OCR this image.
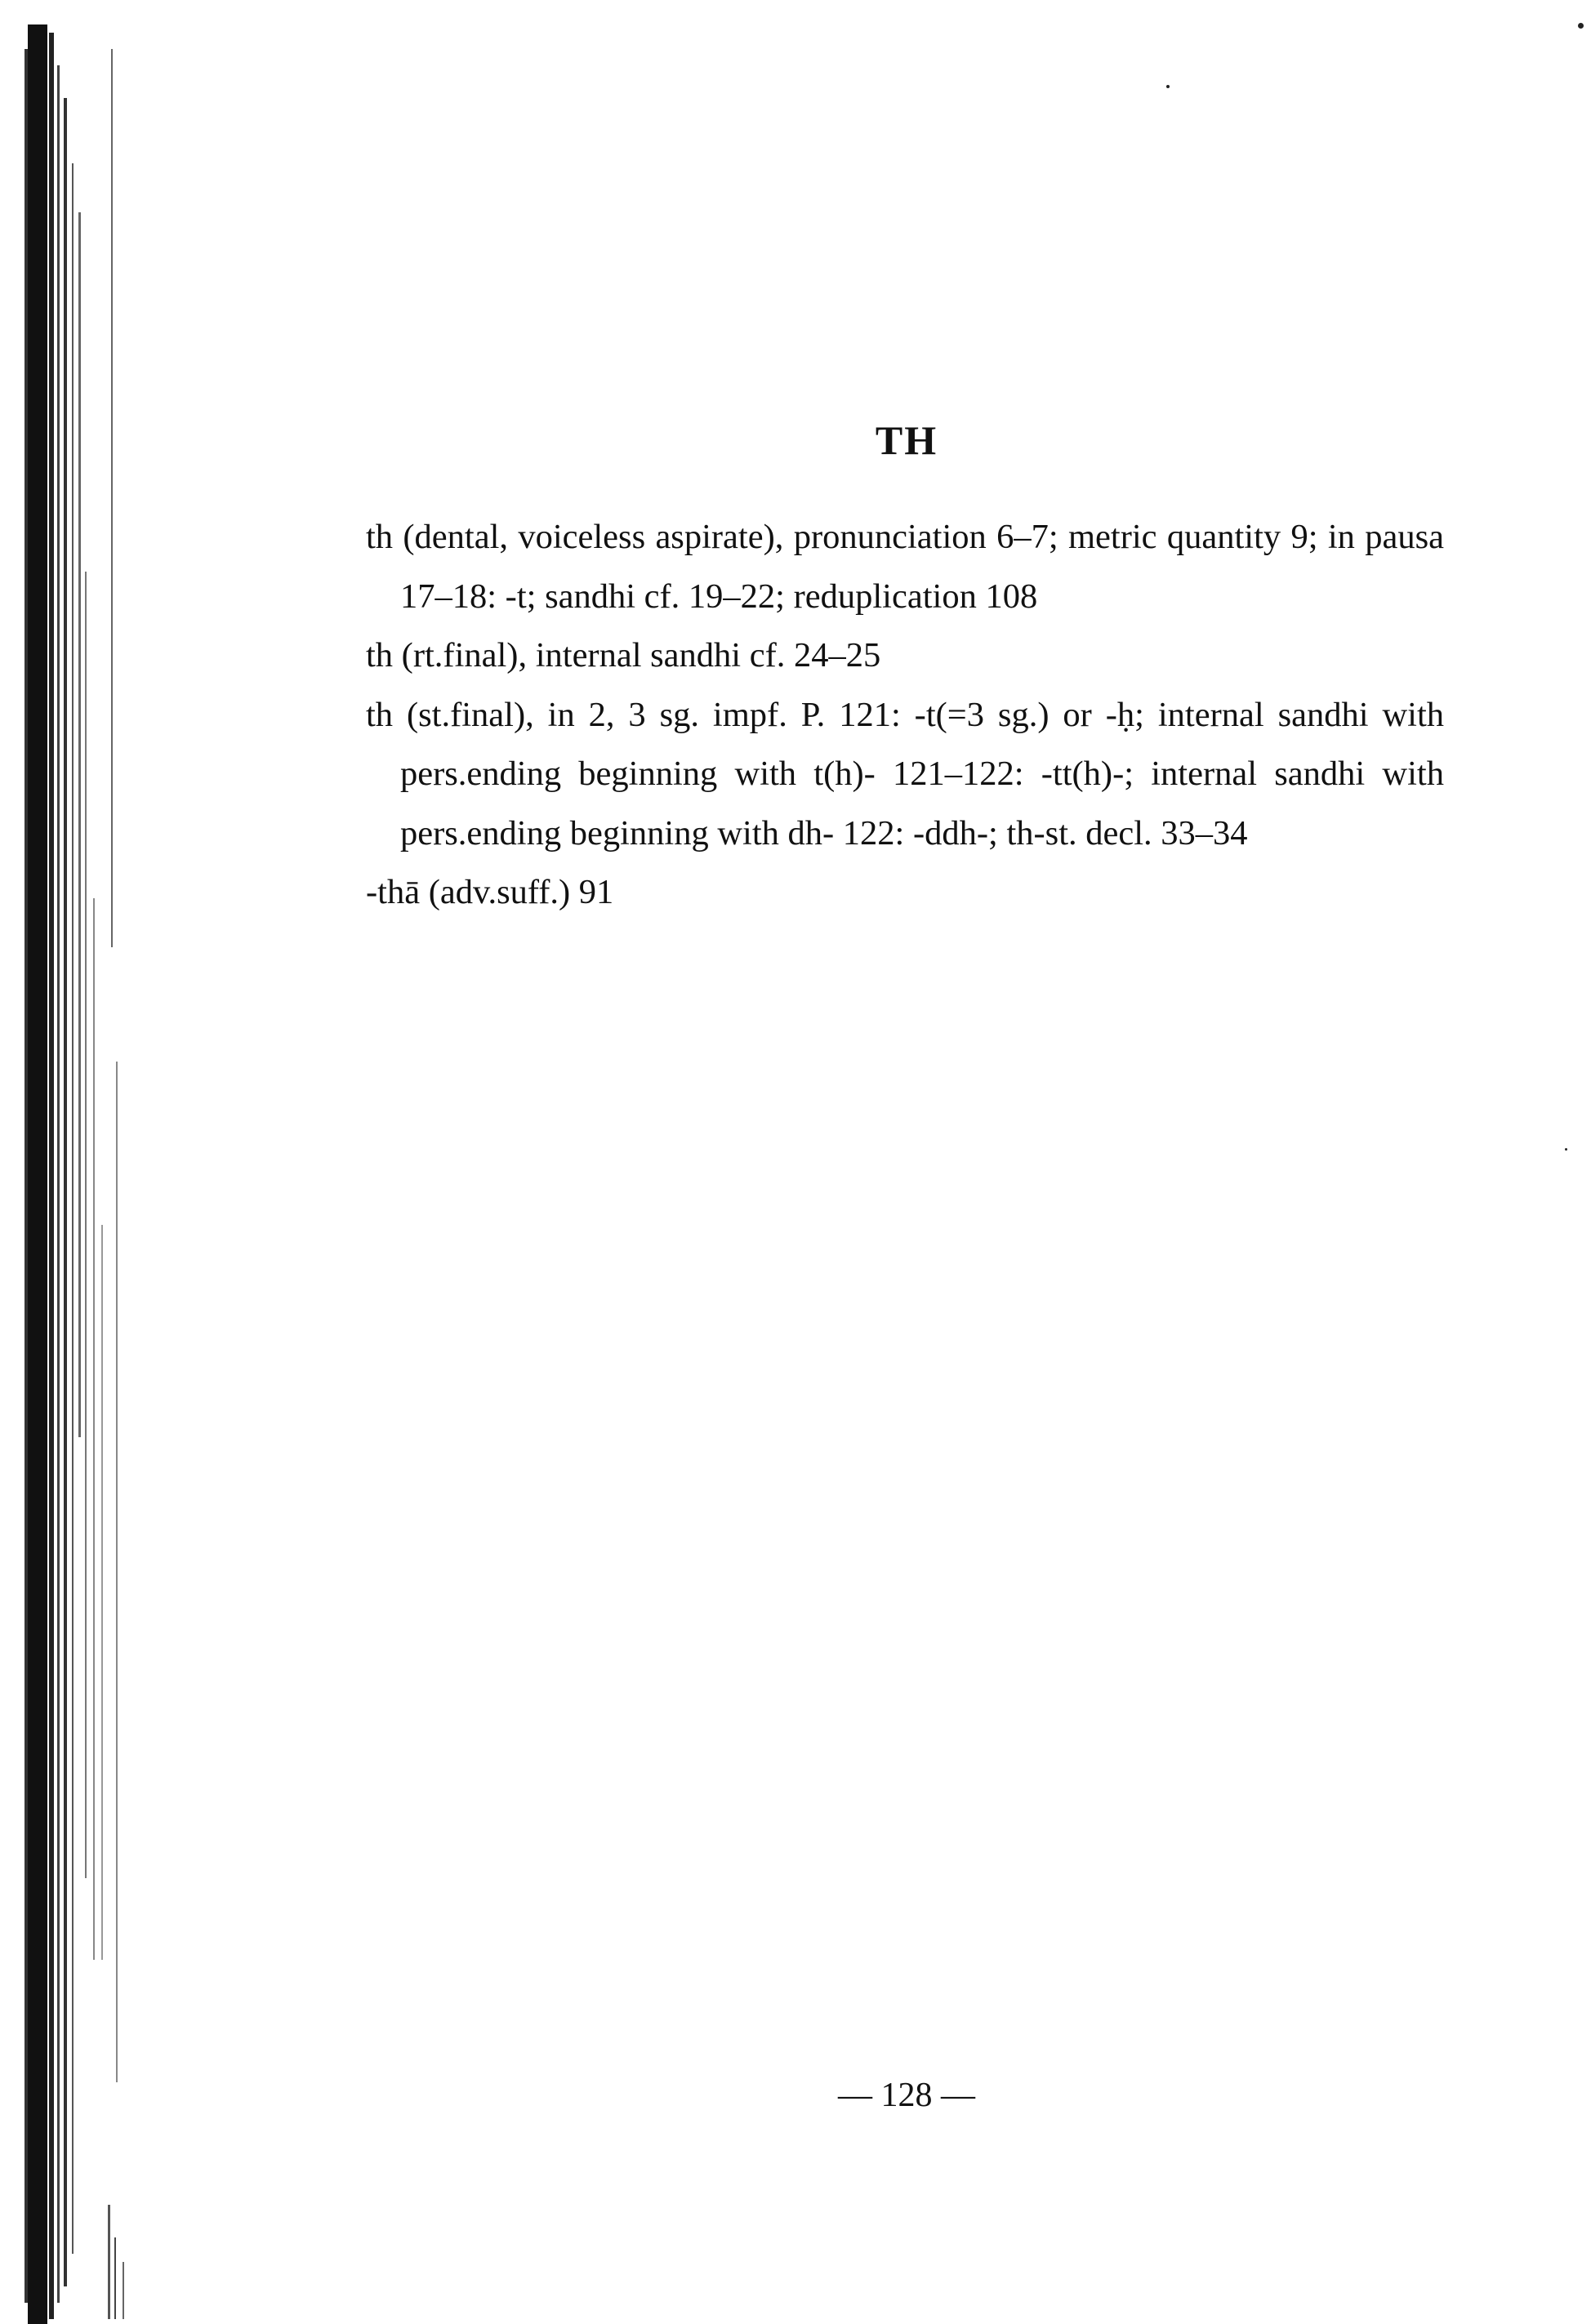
TH
th (dental, voiceless aspirate), pronunciation 6–7; metric quantity 9; in pausa 17–18: -t; sandhi cf. 19–22; reduplication 108
th (rt.final), internal sandhi cf. 24–25
th (st.final), in 2, 3 sg. impf. P. 121: -t(=3 sg.) or -ḥ; internal sandhi with pers.ending beginning with t(h)- 121–122: -tt(h)-; internal sandhi with pers.ending beginning with dh- 122: -ddh-; th-st. decl. 33–34
-thā (adv.suff.) 91
— 128 —
